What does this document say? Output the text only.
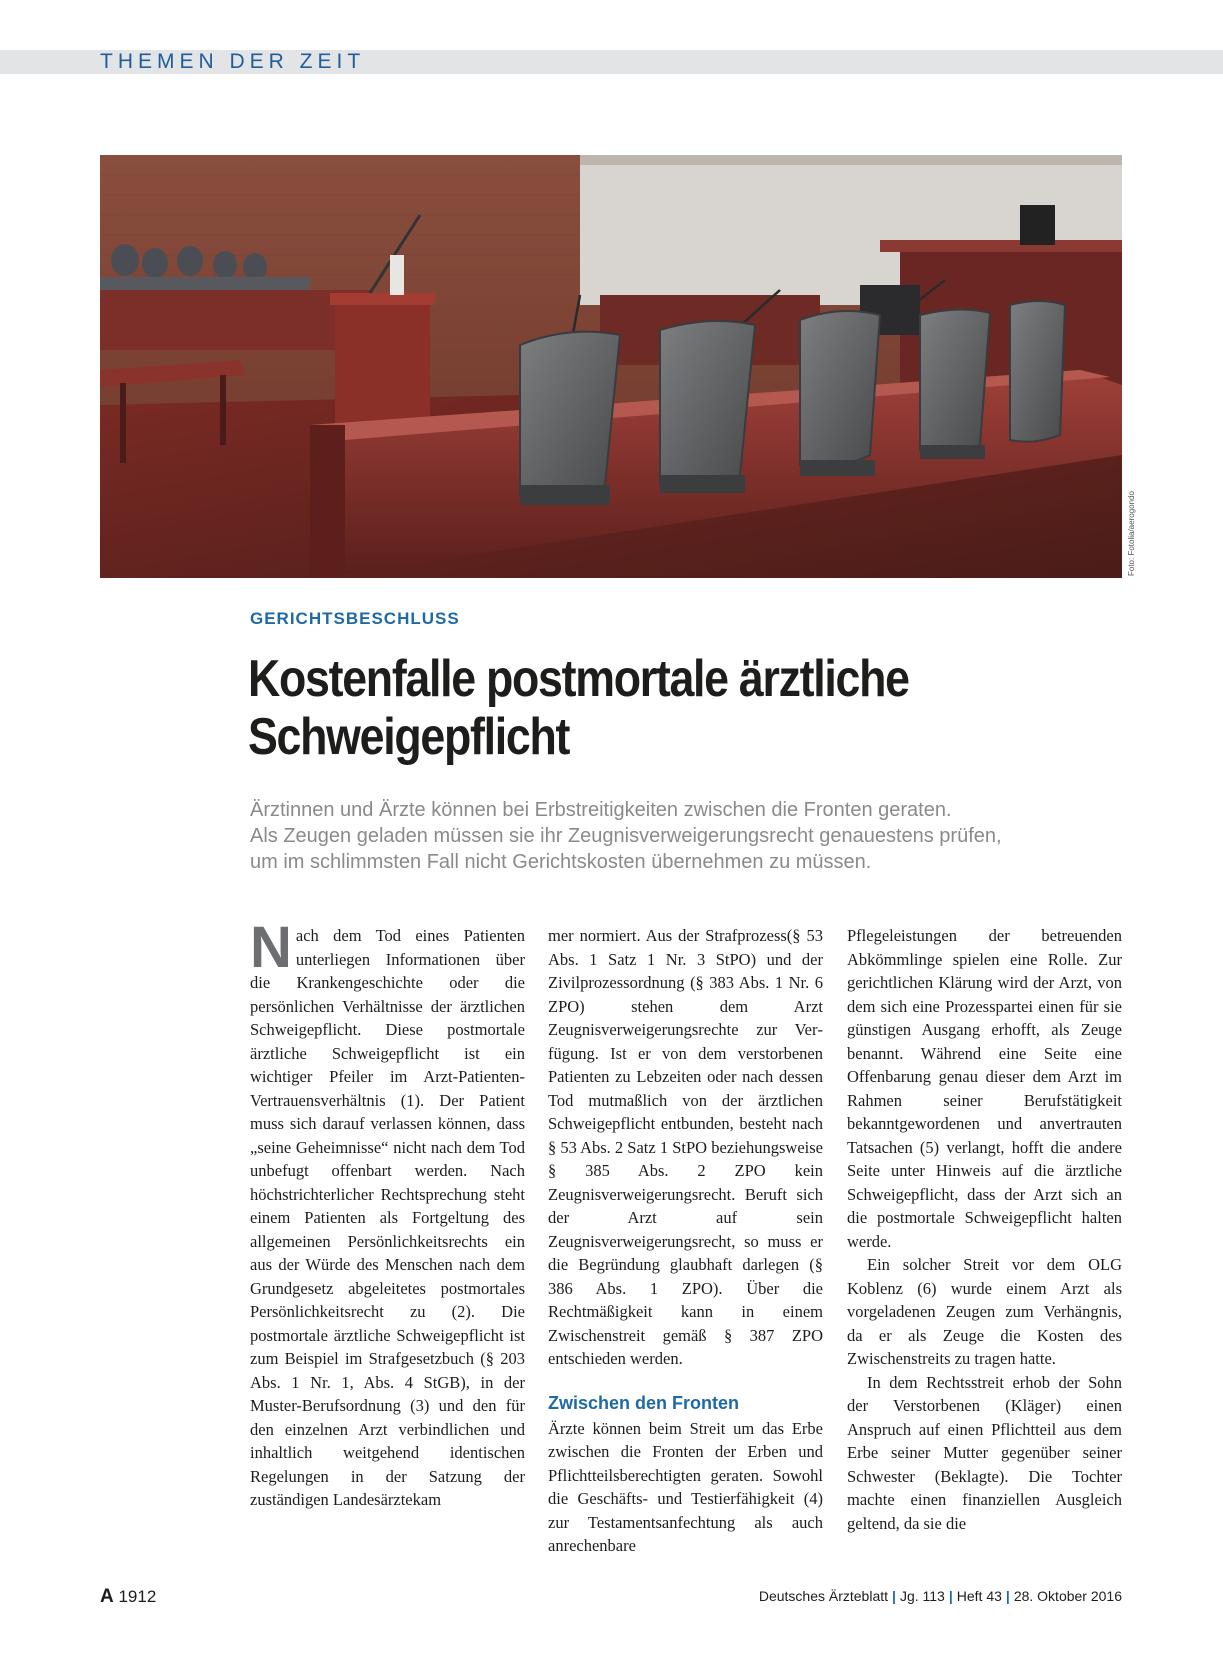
THEMEN DER ZEIT
Foto: Fotolia/aerogondo
GERICHTSBESCHLUSS
Kostenfalle postmortale ärztliche
Schweigepflicht
Ärztinnen und Ärzte können bei Erbstreitigkeiten zwischen die Fronten geraten.
Als Zeugen geladen müssen sie ihr Zeugnisverweigerungsrecht genauestens prüfen,
um im schlimmsten Fall nicht Gerichtskosten übernehmen zu müssen.

Nach dem Tod eines Patienten unterliegen Informationen über die Krankengeschichte oder die persönlichen Verhältnisse der ärztlichen Schweigepflicht. Diese postmortale ärztliche Schweigepflicht ist ein wichtiger Pfeiler im Arzt-Patienten-Vertrauensverhältnis (1). Der Patient muss sich darauf verlassen können, dass „seine Geheimnisse“ nicht nach dem Tod unbefugt offenbart werden. Nach höchstrichterlicher Rechtsprechung steht einem Patienten als Fortgeltung des allgemeinen Persönlichkeitsrechts ein aus der Würde des Menschen nach dem Grundgesetz abgeleitetes postmortales Persönlichkeitsrecht zu (2). Die postmortale ärztliche Schweigepflicht ist zum Beispiel im Strafgesetzbuch (§ 203 Abs. 1 Nr. 1, Abs. 4 StGB), in der Muster-Berufsordnung (3) und den für den einzelnen Arzt verbindlichen und inhaltlich weitgehend identischen Regelungen in der Satzung der zuständigen Landesärztekam

mer normiert. Aus der Strafprozess(§ 53 Abs. 1 Satz 1 Nr. 3 StPO) und der Zivilprozessordnung (§ 383 Abs. 1 Nr. 6 ZPO) stehen dem Arzt Zeugnisverweigerungsrechte zur Verfügung. Ist er von dem verstorbenen Patienten zu Lebzeiten oder nach dessen Tod mutmaßlich von der ärztlichen Schweigepflicht entbunden, besteht nach § 53 Abs. 2 Satz 1 StPO beziehungsweise § 385 Abs. 2 ZPO kein Zeugnisverweigerungsrecht. Beruft sich der Arzt auf sein Zeugnisverweigerungsrecht, so muss er die Begründung glaubhaft darlegen (§ 386 Abs. 1 ZPO). Über die Rechtmäßigkeit kann in einem Zwischenstreit gemäß § 387 ZPO entschieden werden.

Zwischen den Fronten

Ärzte können beim Streit um das Erbe zwischen die Fronten der Erben und Pflichtteilsberechtigten geraten. Sowohl die Geschäfts- und Testierfähigkeit (4) zur Testamentsanfechtung als auch anrechenbare

Pflegeleistungen der betreuenden Abkömmlinge spielen eine Rolle. Zur gerichtlichen Klärung wird der Arzt, von dem sich eine Prozesspartei einen für sie günstigen Ausgang erhofft, als Zeuge benannt. Während eine Seite eine Offenbarung genau dieser dem Arzt im Rahmen seiner Berufstätigkeit bekanntgewordenen und anvertrauten Tatsachen (5) verlangt, hofft die andere Seite unter Hinweis auf die ärztliche Schweigepflicht, dass der Arzt sich an die postmortale Schweigepflicht halten werde.

Ein solcher Streit vor dem OLG Koblenz (6) wurde einem Arzt als vorgeladenen Zeugen zum Verhängnis, da er als Zeuge die Kosten des Zwischenstreits zu tragen hatte.

In dem Rechtsstreit erhob der Sohn der Verstorbenen (Kläger) einen Anspruch auf einen Pflichtteil aus dem Erbe seiner Mutter gegenüber seiner Schwester (Beklagte). Die Tochter machte einen finanziellen Ausgleich geltend, da sie die

A 1912	Deutsches Ärzteblatt | Jg. 113 | Heft 43 | 28. Oktober 2016
